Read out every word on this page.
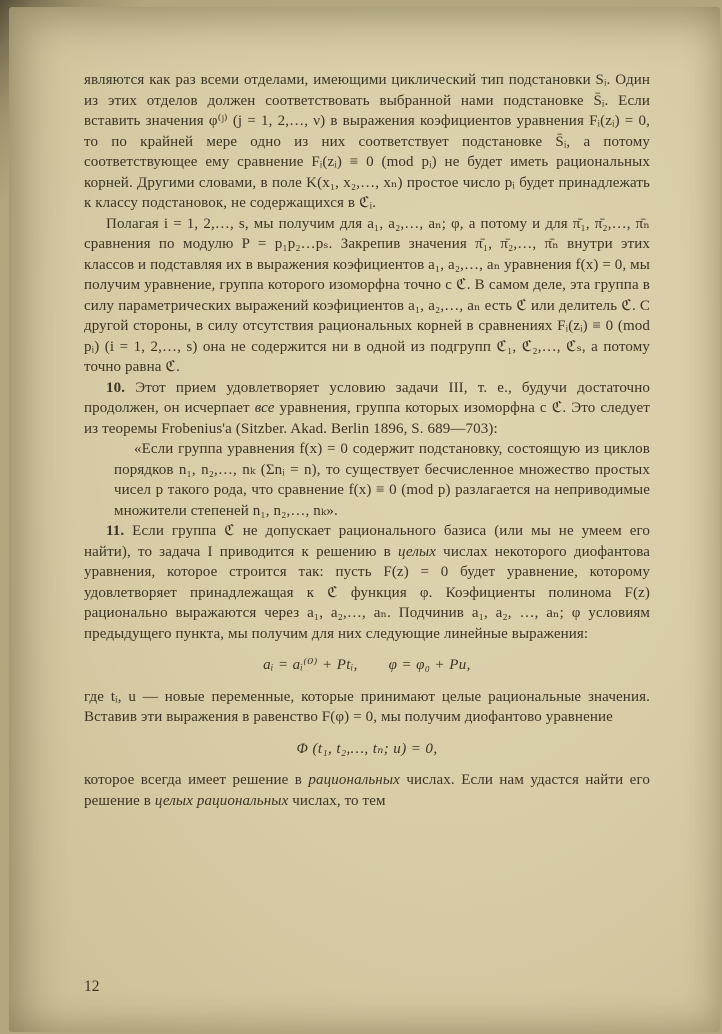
являются как раз всеми отделами, имеющими циклический тип подстановки Sᵢ. Один из этих отделов должен соответствовать выбранной нами подстановке S̄ᵢ. Если вставить значения φ⁽ʲ⁾ (j = 1, 2,…, ν) в выражения коэфициентов уравнения Fᵢ(zᵢ) = 0, то по крайней мере одно из них соответствует подстановке S̄ᵢ, а потому соответствующее ему сравнение Fᵢ(zᵢ) ≡ 0 (mod pᵢ) не будет иметь рациональных корней. Другими словами, в поле K(x₁, x₂,…, xₙ) простое число pᵢ будет принадлежать к классу подстановок, не содержащихся в ℭᵢ.

Полагая i = 1, 2,…, s, мы получим для a₁, a₂,…, aₙ; φ, а потому и для π̄₁, π̄₂,…, π̄ₙ сравнения по модулю P = p₁p₂…pₛ. Закрепив значения π̄₁, π̄₂,…, π̄ₙ внутри этих классов и подставляя их в выражения коэфициентов a₁, a₂,…, aₙ уравнения f(x) = 0, мы получим уравнение, группа которого изоморфна точно с ℭ. В самом деле, эта группа в силу параметрических выражений коэфициентов a₁, a₂,…, aₙ есть ℭ или делитель ℭ. С другой стороны, в силу отсутствия рациональных корней в сравнениях Fᵢ(zᵢ) ≡ 0 (mod pᵢ) (i = 1, 2,…, s) она не содержится ни в одной из подгрупп ℭ₁, ℭ₂,…, ℭₛ, а потому точно равна ℭ.

10. Этот прием удовлетворяет условию задачи III, т. е., будучи достаточно продолжен, он исчерпает все уравнения, группа которых изоморфна с ℭ. Это следует из теоремы Frobenius'a (Sitzber. Akad. Berlin 1896, S. 689—703):

«Если группа уравнения f(x) = 0 содержит подстановку, состоящую из циклов порядков n₁, n₂,…, nₖ (Σnᵢ = n), то существует бесчисленное множество простых чисел p такого рода, что сравнение f(x) ≡ 0 (mod p) разлагается на неприводимые множители степеней n₁, n₂,…, nₖ».

11. Если группа ℭ не допускает рационального базиса (или мы не умеем его найти), то задача I приводится к решению в целых числах некоторого диофантова уравнения, которое строится так: пусть F(z) = 0 будет уравнение, которому удовлетворяет принадлежащая к ℭ функция φ. Коэфициенты полинома F(z) рационально выражаются через a₁, a₂,…, aₙ. Подчинив a₁, a₂, …, aₙ; φ условиям предыдущего пункта, мы получим для них следующие линейные выражения:

aᵢ = aᵢ⁽⁰⁾ + Ptᵢ,  φ = φ₀ + Pu,

где tᵢ, u — новые переменные, которые принимают целые рациональные значения. Вставив эти выражения в равенство F(φ) = 0, мы получим диофантово уравнение

Φ (t₁, t₂,…, tₙ; u) = 0,

которое всегда имеет решение в рациональных числах. Если нам удастся найти его решение в целых рациональных числах, то тем

12
